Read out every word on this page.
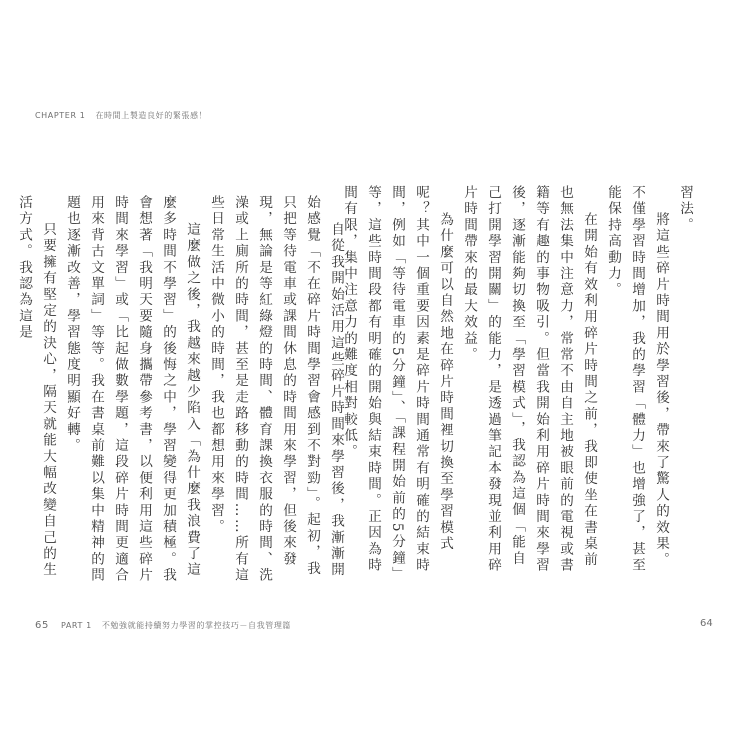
CHAPTER 1 在時間上製造良好的緊張感！

習法。

將這些碎片時間用於學習後，帶來了驚人的效果。不僅學習時間增加，我的學習「體力」也增強了，甚至能保持高動力。

在開始有效利用碎片時間之前，我即使坐在書桌前也無法集中注意力，常常不由自主地被眼前的電視或書籍等有趣的事物吸引。但當我開始利用碎片時間來學習後，逐漸能夠切換至「學習模式」，我認為這個「能自己打開學習開關」的能力，是透過筆記本發現並利用碎片時間帶來的最大效益。

為什麼可以自然地在碎片時間裡切換至學習模式呢？其中一個重要因素是碎片時間通常有明確的結束時間，例如「等待電車的5分鐘」、「課程開始前的5分鐘」等，這些時間段都有明確的開始與結束時間。正因為時間有限，集中注意力的難度相對較低。

自從我開始活用這些碎片時間來學習後，我漸漸開始感覺「不在碎片時間學習會感到不對勁」。起初，我只把等待電車或課間休息的時間用來學習，但後來發現，無論是等紅綠燈的時間、體育課換衣服的時間、洗澡或上廁所的時間，甚至是走路移動的時間……所有這些日常生活中微小的時間，我也都想用來學習。

這麼做之後，我越來越少陷入「為什麼我浪費了這麼多時間不學習」的後悔之中，學習變得更加積極。我會想著「我明天要隨身攜帶參考書，以便利用這些碎片時間來學習」或「比起做數學題，這段碎片時間更適合用來背古文單詞」等等。我在書桌前難以集中精神的問題也逐漸改善，學習態度明顯好轉。

只要擁有堅定的決心，隔天就能大幅改變自己的生活方式。我認為這是

65 PART 1 不勉強就能持續努力學習的掌控技巧－自我管理篇	64
